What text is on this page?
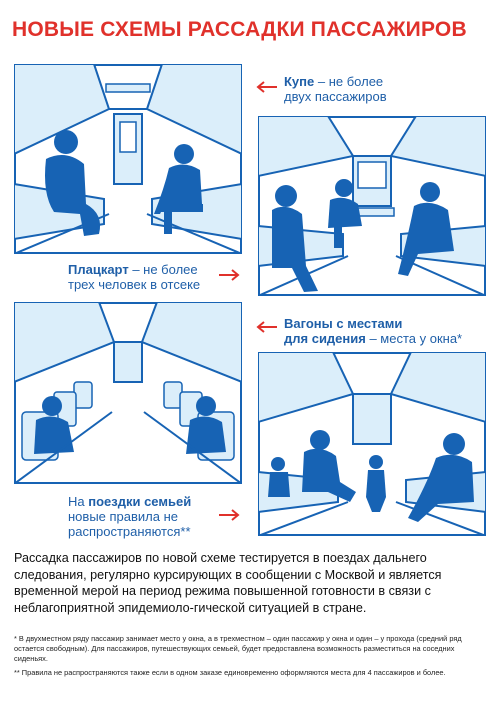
НОВЫЕ СХЕМЫ РАССАДКИ ПАССАЖИРОВ
Купе – не более
двух пассажиров
Плацкарт – не более
трех человек в отсеке
Вагоны с местами
для сидения – места у окна*
На поездки семьей
новые правила не
распространяются**
Рассадка пассажиров по новой схеме тестируется в поездах дальнего следования, регулярно курсирующих в сообщении с Москвой и является временной мерой на период режима повышенной готовности в связи с неблагоприятной эпидемиоло-гической ситуацией в стране.
* В двухместном ряду пассажир занимает место у окна, а в трехместном – один пассажир у окна и один – у прохода (средний ряд остается свободным). Для пассажиров, путешествующих семьей, будет предоставлена возможность разместиться на соседних сиденьях.
** Правила не распространяются также если в одном заказе единовременно оформляются места для 4 пассажиров и более.
